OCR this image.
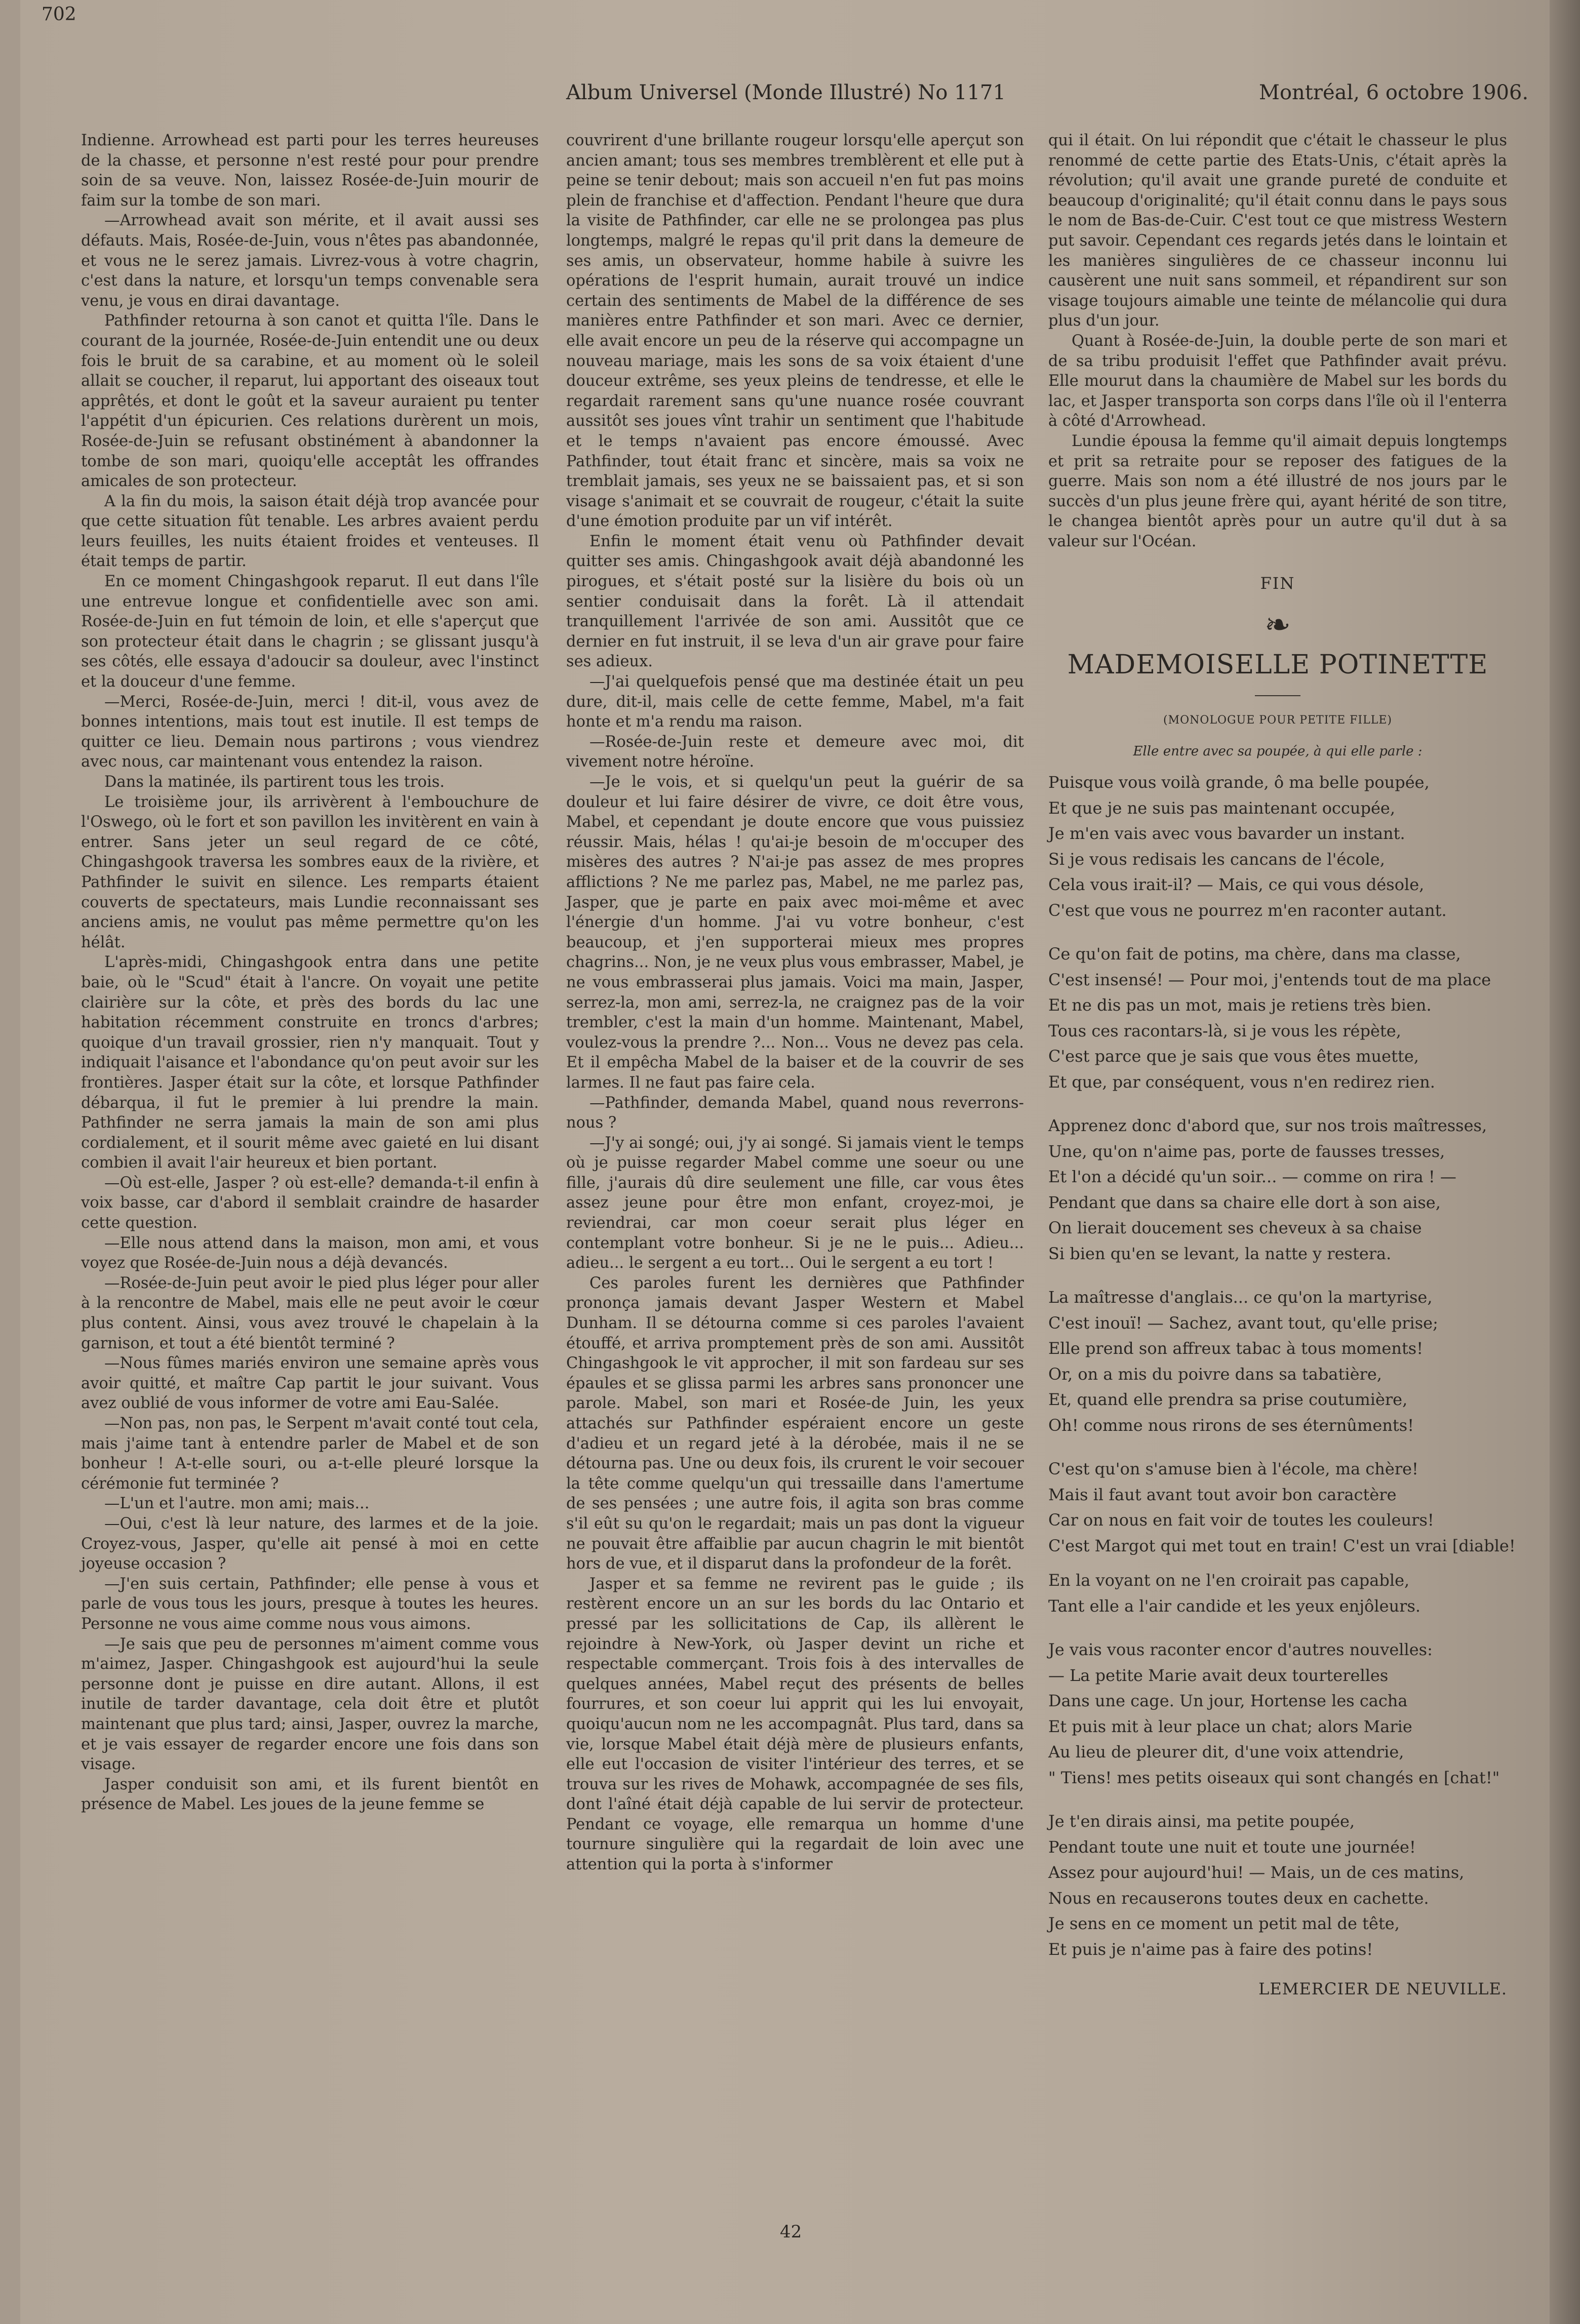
702
Album Universel (Monde Illustré) No 1171	Montréal, 6 octobre 1906.

Indienne. Arrowhead est parti pour les terres heureuses de la chasse, et personne n'est resté pour pour prendre soin de sa veuve. Non, laissez Rosée-de-Juin mourir de faim sur la tombe de son mari.

—Arrowhead avait son mérite, et il avait aussi ses défauts. Mais, Rosée-de-Juin, vous n'êtes pas abandonnée, et vous ne le serez jamais. Livrez-vous à votre chagrin, c'est dans la nature, et lorsqu'un temps convenable sera venu, je vous en dirai davantage.

Pathfinder retourna à son canot et quitta l'île. Dans le courant de la journée, Rosée-de-Juin entendit une ou deux fois le bruit de sa carabine, et au moment où le soleil allait se coucher, il reparut, lui apportant des oiseaux tout apprêtés, et dont le goût et la saveur auraient pu tenter l'appétit d'un épicurien. Ces relations durèrent un mois, Rosée-de-Juin se refusant obstinément à abandonner la tombe de son mari, quoiqu'elle acceptât les offrandes amicales de son protecteur.

A la fin du mois, la saison était déjà trop avancée pour que cette situation fût tenable. Les arbres avaient perdu leurs feuilles, les nuits étaient froides et venteuses. Il était temps de partir.

En ce moment Chingashgook reparut. Il eut dans l'île une entrevue longue et confidentielle avec son ami. Rosée-de-Juin en fut témoin de loin, et elle s'aperçut que son protecteur était dans le chagrin ; se glissant jusqu'à ses côtés, elle essaya d'adoucir sa douleur, avec l'instinct et la douceur d'une femme.

—Merci, Rosée-de-Juin, merci ! dit-il, vous avez de bonnes intentions, mais tout est inutile. Il est temps de quitter ce lieu. Demain nous partirons ; vous viendrez avec nous, car maintenant vous entendez la raison.

Dans la matinée, ils partirent tous les trois.

Le troisième jour, ils arrivèrent à l'embouchure de l'Oswego, où le fort et son pavillon les invitèrent en vain à entrer. Sans jeter un seul regard de ce côté, Chingashgook traversa les sombres eaux de la rivière, et Pathfinder le suivit en silence. Les remparts étaient couverts de spectateurs, mais Lundie reconnaissant ses anciens amis, ne voulut pas même permettre qu'on les hélât.

L'après-midi, Chingashgook entra dans une petite baie, où le "Scud" était à l'ancre. On voyait une petite clairière sur la côte, et près des bords du lac une habitation récemment construite en troncs d'arbres; quoique d'un travail grossier, rien n'y manquait. Tout y indiquait l'aisance et l'abondance qu'on peut avoir sur les frontières. Jasper était sur la côte, et lorsque Pathfinder débarqua, il fut le premier à lui prendre la main. Pathfinder ne serra jamais la main de son ami plus cordialement, et il sourit même avec gaieté en lui disant combien il avait l'air heureux et bien portant.

—Où est-elle, Jasper ? où est-elle? demanda-t-il enfin à voix basse, car d'abord il semblait craindre de hasarder cette question.

—Elle nous attend dans la maison, mon ami, et vous voyez que Rosée-de-Juin nous a déjà devancés.

—Rosée-de-Juin peut avoir le pied plus léger pour aller à la rencontre de Mabel, mais elle ne peut avoir le cœur plus content. Ainsi, vous avez trouvé le chapelain à la garnison, et tout a été bientôt terminé ?

—Nous fûmes mariés environ une semaine après vous avoir quitté, et maître Cap partit le jour suivant. Vous avez oublié de vous informer de votre ami Eau-Salée.

—Non pas, non pas, le Serpent m'avait conté tout cela, mais j'aime tant à entendre parler de Mabel et de son bonheur ! A-t-elle souri, ou a-t-elle pleuré lorsque la cérémonie fut terminée ?

—L'un et l'autre. mon ami; mais...

—Oui, c'est là leur nature, des larmes et de la joie. Croyez-vous, Jasper, qu'elle ait pensé à moi en cette joyeuse occasion ?

—J'en suis certain, Pathfinder; elle pense à vous et parle de vous tous les jours, presque à toutes les heures. Personne ne vous aime comme nous vous aimons.

—Je sais que peu de personnes m'aiment comme vous m'aimez, Jasper. Chingashgook est aujourd'hui la seule personne dont je puisse en dire autant. Allons, il est inutile de tarder davantage, cela doit être et plutôt maintenant que plus tard; ainsi, Jasper, ouvrez la marche, et je vais essayer de regarder encore une fois dans son visage.

Jasper conduisit son ami, et ils furent bientôt en présence de Mabel. Les joues de la jeune femme se

couvrirent d'une brillante rougeur lorsqu'elle aperçut son ancien amant; tous ses membres tremblèrent et elle put à peine se tenir debout; mais son accueil n'en fut pas moins plein de franchise et d'affection. Pendant l'heure que dura la visite de Pathfinder, car elle ne se prolongea pas plus longtemps, malgré le repas qu'il prit dans la demeure de ses amis, un observateur, homme habile à suivre les opérations de l'esprit humain, aurait trouvé un indice certain des sentiments de Mabel de la différence de ses manières entre Pathfinder et son mari. Avec ce dernier, elle avait encore un peu de la réserve qui accompagne un nouveau mariage, mais les sons de sa voix étaient d'une douceur extrême, ses yeux pleins de tendresse, et elle le regardait rarement sans qu'une nuance rosée couvrant aussitôt ses joues vînt trahir un sentiment que l'habitude et le temps n'avaient pas encore émoussé. Avec Pathfinder, tout était franc et sincère, mais sa voix ne tremblait jamais, ses yeux ne se baissaient pas, et si son visage s'animait et se couvrait de rougeur, c'était la suite d'une émotion produite par un vif intérêt.

Enfin le moment était venu où Pathfinder devait quitter ses amis. Chingashgook avait déjà abandonné les pirogues, et s'était posté sur la lisière du bois où un sentier conduisait dans la forêt. Là il attendait tranquillement l'arrivée de son ami. Aussitôt que ce dernier en fut instruit, il se leva d'un air grave pour faire ses adieux.

—J'ai quelquefois pensé que ma destinée était un peu dure, dit-il, mais celle de cette femme, Mabel, m'a fait honte et m'a rendu ma raison.

—Rosée-de-Juin reste et demeure avec moi, dit vivement notre héroïne.

—Je le vois, et si quelqu'un peut la guérir de sa douleur et lui faire désirer de vivre, ce doit être vous, Mabel, et cependant je doute encore que vous puissiez réussir. Mais, hélas ! qu'ai-je besoin de m'occuper des misères des autres ? N'ai-je pas assez de mes propres afflictions ? Ne me parlez pas, Mabel, ne me parlez pas, Jasper, que je parte en paix avec moi-même et avec l'énergie d'un homme. J'ai vu votre bonheur, c'est beaucoup, et j'en supporterai mieux mes propres chagrins... Non, je ne veux plus vous embrasser, Mabel, je ne vous embrasserai plus jamais. Voici ma main, Jasper, serrez-la, mon ami, serrez-la, ne craignez pas de la voir trembler, c'est la main d'un homme. Maintenant, Mabel, voulez-vous la prendre ?... Non... Vous ne devez pas cela. Et il empêcha Mabel de la baiser et de la couvrir de ses larmes. Il ne faut pas faire cela.

—Pathfinder, demanda Mabel, quand nous reverrons-nous ?

—J'y ai songé; oui, j'y ai songé. Si jamais vient le temps où je puisse regarder Mabel comme une soeur ou une fille, j'aurais dû dire seulement une fille, car vous êtes assez jeune pour être mon enfant, croyez-moi, je reviendrai, car mon coeur serait plus léger en contemplant votre bonheur. Si je ne le puis... Adieu... adieu... le sergent a eu tort... Oui le sergent a eu tort !

Ces paroles furent les dernières que Pathfinder prononça jamais devant Jasper Western et Mabel Dunham. Il se détourna comme si ces paroles l'avaient étouffé, et arriva promptement près de son ami. Aussitôt Chingashgook le vit approcher, il mit son fardeau sur ses épaules et se glissa parmi les arbres sans prononcer une parole. Mabel, son mari et Rosée-de Juin, les yeux attachés sur Pathfinder espéraient encore un geste d'adieu et un regard jeté à la dérobée, mais il ne se détourna pas. Une ou deux fois, ils crurent le voir secouer la tête comme quelqu'un qui tressaille dans l'amertume de ses pensées ; une autre fois, il agita son bras comme s'il eût su qu'on le regardait; mais un pas dont la vigueur ne pouvait être affaiblie par aucun chagrin le mit bientôt hors de vue, et il disparut dans la profondeur de la forêt.

Jasper et sa femme ne revirent pas le guide ; ils restèrent encore un an sur les bords du lac Ontario et pressé par les sollicitations de Cap, ils allèrent le rejoindre à New-York, où Jasper devint un riche et respectable commerçant. Trois fois à des intervalles de quelques années, Mabel reçut des présents de belles fourrures, et son coeur lui apprit qui les lui envoyait, quoiqu'aucun nom ne les accompagnât. Plus tard, dans sa vie, lorsque Mabel était déjà mère de plusieurs enfants, elle eut l'occasion de visiter l'intérieur des terres, et se trouva sur les rives de Mohawk, accompagnée de ses fils, dont l'aîné était déjà capable de lui servir de protecteur. Pendant ce voyage, elle remarqua un homme d'une tournure singulière qui la regardait de loin avec une attention qui la porta à s'informer

qui il était. On lui répondit que c'était le chasseur le plus renommé de cette partie des Etats-Unis, c'était après la révolution; qu'il avait une grande pureté de conduite et beaucoup d'originalité; qu'il était connu dans le pays sous le nom de Bas-de-Cuir. C'est tout ce que mistress Western put savoir. Cependant ces regards jetés dans le lointain et les manières singulières de ce chasseur inconnu lui causèrent une nuit sans sommeil, et répandirent sur son visage toujours aimable une teinte de mélancolie qui dura plus d'un jour.

Quant à Rosée-de-Juin, la double perte de son mari et de sa tribu produisit l'effet que Pathfinder avait prévu. Elle mourut dans la chaumière de Mabel sur les bords du lac, et Jasper transporta son corps dans l'île où il l'enterra à côté d'Arrowhead.

Lundie épousa la femme qu'il aimait depuis longtemps et prit sa retraite pour se reposer des fatigues de la guerre. Mais son nom a été illustré de nos jours par le succès d'un plus jeune frère qui, ayant hérité de son titre, le changea bientôt après pour un autre qu'il dut à sa valeur sur l'Océan.

FIN
❧
MADEMOISELLE POTINETTE
(MONOLOGUE POUR PETITE FILLE)
Elle entre avec sa poupée, à qui elle parle :
Puisque vous voilà grande, ô ma belle poupée,
Et que je ne suis pas maintenant occupée,
Je m'en vais avec vous bavarder un instant.
Si je vous redisais les cancans de l'école,
Cela vous irait-il? — Mais, ce qui vous désole,
C'est que vous ne pourrez m'en raconter autant.
Ce qu'on fait de potins, ma chère, dans ma classe,
C'est insensé! — Pour moi, j'entends tout de ma place
Et ne dis pas un mot, mais je retiens très bien.
Tous ces racontars-là, si je vous les répète,
C'est parce que je sais que vous êtes muette,
Et que, par conséquent, vous n'en redirez rien.
Apprenez donc d'abord que, sur nos trois maîtresses,
Une, qu'on n'aime pas, porte de fausses tresses,
Et l'on a décidé qu'un soir... — comme on rira ! —
Pendant que dans sa chaire elle dort à son aise,
On lierait doucement ses cheveux à sa chaise
Si bien qu'en se levant, la natte y restera.
La maîtresse d'anglais... ce qu'on la martyrise,
C'est inouï! — Sachez, avant tout, qu'elle prise;
Elle prend son affreux tabac à tous moments!
Or, on a mis du poivre dans sa tabatière,
Et, quand elle prendra sa prise coutumière,
Oh! comme nous rirons de ses éternûments!
C'est qu'on s'amuse bien à l'école, ma chère!
Mais il faut avant tout avoir bon caractère
Car on nous en fait voir de toutes les couleurs!
C'est Margot qui met tout en train! C'est un vrai [diable!
En la voyant on ne l'en croirait pas capable,
Tant elle a l'air candide et les yeux enjôleurs.
Je vais vous raconter encor d'autres nouvelles:
— La petite Marie avait deux tourterelles
Dans une cage. Un jour, Hortense les cacha
Et puis mit à leur place un chat; alors Marie
Au lieu de pleurer dit, d'une voix attendrie,
" Tiens! mes petits oiseaux qui sont changés en [chat!"
Je t'en dirais ainsi, ma petite poupée,
Pendant toute une nuit et toute une journée!
Assez pour aujourd'hui! — Mais, un de ces matins,
Nous en recauserons toutes deux en cachette.
Je sens en ce moment un petit mal de tête,
Et puis je n'aime pas à faire des potins!
LEMERCIER DE NEUVILLE.
42
